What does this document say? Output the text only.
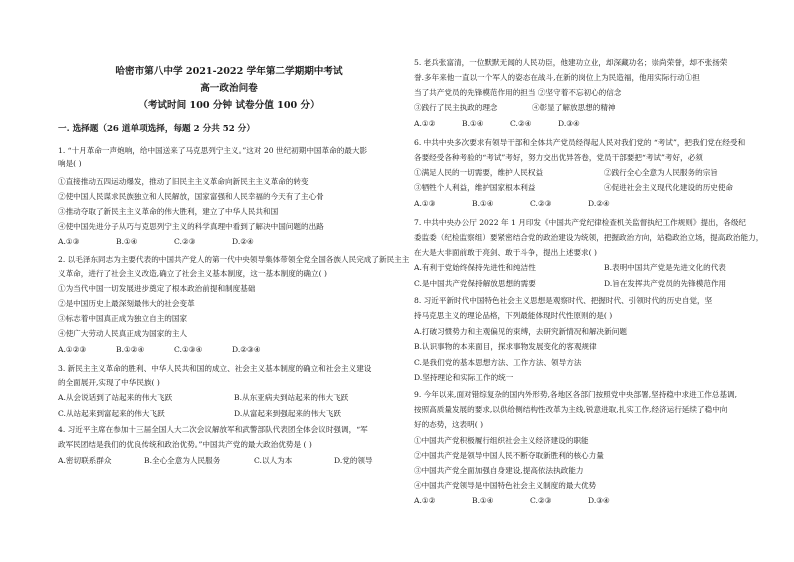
哈密市第八中学 2021-2022 学年第二学期期中考试
高一政治问卷
（考试时间 100 分钟 试卷分值 100 分）
一. 选择题（26 道单项选择，每题 2 分共 52 分）
1. “十月革命一声炮响，给中国送来了马克思列宁主义。”这对 20 世纪初期中国革命的最大影
响是( )
①直接推动五四运动爆发，推动了旧民主主义革命向新民主主义革命的转变
②使中国人民谋求民族独立和人民解放，国家富强和人民幸福的今天有了主心骨
③推动夺取了新民主主义革命的伟大胜利，建立了中华人民共和国
④使中国先进分子从巧与克思列宁主义的科学真理中看到了解决中国问题的出路
A.①③	B.①④	C.②③	D.②④
2. 以毛泽东同志为主要代表的中国共产党人的第一代中央领导集体带领全党全国各族人民完成了新民主主
义革命，进行了社会主义改造,确立了社会主义基本制度，这一基本制度的确立( )
①为当代中国一切发展进步奠定了根本政治前提和制度基础
②是中国历史上最深刻最伟大的社会变革
③标志着中国真正成为独立自主的国家
④使广大劳动人民真正成为国家的主人
A.①②③	B.①②④	C.①③④	D.②③④
3. 新民主主义革命的胜利、中华人民共和国的成立、社会主义基本制度的确立和社会主义建设
的全面展开,实现了中华民族( )
A.从会说话到了站起来的伟大飞跃	B.从东亚病夫到站起来的伟大飞跃
C.从站起来到富起来的伟大飞跃	D.从富起来到强起来的伟大飞跃
4. 习近平主席在参加十三届全国人大二次会议解放军和武警部队代表团全体会议时强调，“军
政军民团结是我们的优良传统和政治优势。”中国共产党的最大政治优势是 ( )
A.密切联系群众	B.全心全意为人民服务	C.以人为本	D.党的领导
5. 老兵张富清，一位默默无闻的人民功臣，他建功立业，却深藏功名；崇尚荣誉，却不张扬荣
誉.多年来他一直以一个军人的姿态在战斗,在新的岗位上为民造福，他用实际行动①担
当了共产党员的先锋模范作用的担当 ②坚守着不忘初心的信念
③践行了民主执政的理念	④彰显了解放思想的精神
A.①②	B.①④	C.②④	D.③④
6. 中共中央多次要求有领导干部和全体共产党员经得起人民对我们党的 “考试”，把我们党在经受和
各要经受各种考验的“考试”考好，努力交出优异答卷，党员干部要把“考试”考好，必须
①满足人民的一切需要，维护人民权益	②践行全心全意为人民服务的宗旨
③牺牲个人利益，维护国家根本利益	④促进社会主义现代化建设的历史使命
A.①③	B.①④	C.②③	D.②④
7. 中共中央办公厅 2022 年 1 月印发《中国共产党纪律检查机关监督执纪工作规则》提出，各级纪
委监委（纪检监察组）要紧密结合党的政治建设为统领，把握政治方向，站稳政治立场，提高政治能力，
在大是大非面前敢于亮剑、敢于斗争，提出上述要求( )
A.有利于党始终保持先进性和纯洁性	B.表明中国共产党是先进文化的代表
C.是中国共产党保持解放思想的需要	D.旨在发挥共产党员的先锋模范作用
8. 习近平新时代中国特色社会主义思想是观察时代、把握时代、引领时代的历史自觉，坚
持马克思主义的理论品格，下列最能体现时代性原则的是( )
A.打破习惯势力和主观偏见的束缚，去研究新情况和解决新问题
B.认识事物的本来面目，探求事物发展变化的客观规律
C.是我们党的基本思想方法、工作方法、领导方法
D.坚持理论和实际工作的统一
9. 今年以来,面对错综复杂的国内外形势,各地区各部门按照党中央部署,坚持稳中求进工作总基调,
按照高质量发展的要求,以供给侧结构性改革为主线,锐意进取,扎实工作,经济运行延续了稳中向
好的态势，这表明( )
①中国共产党积极履行组织社会主义经济建设的职能
②中国共产党是领导中国人民不断夺取新胜利的核心力量
③中国共产党全面加强自身建设,提高依法执政能力
④中国共产党领导是中国特色社会主义制度的最大优势
A.①②	B.①④	C.②③	D.③④
